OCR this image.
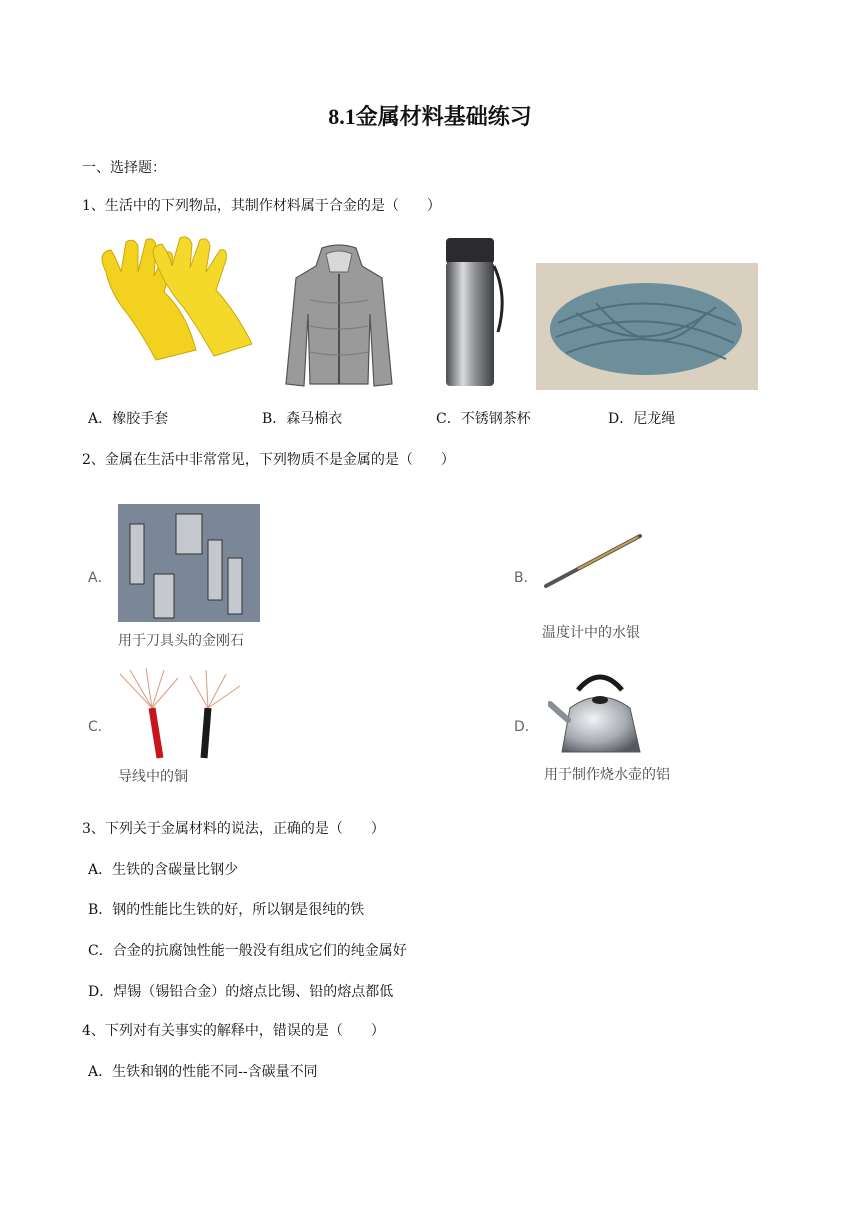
8.1金属材料基础练习
一、选择题：
1、生活中的下列物品，其制作材料属于合金的是（　　）
A．橡胶手套	B．森马棉衣	C．不锈钢茶杯	D．尼龙绳
2、金属在生活中非常常见，下列物质不是金属的是（　　）
A．
用于刀具头的金刚石
B．
温度计中的水银
C．
导线中的铜
D．
用于制作烧水壶的铝
3、下列关于金属材料的说法，正确的是（　　）
A．生铁的含碳量比钢少
B．钢的性能比生铁的好，所以钢是很纯的铁
C．合金的抗腐蚀性能一般没有组成它们的纯金属好
D．焊锡（锡铅合金）的熔点比锡、铅的熔点都低
4、下列对有关事实的解释中，错误的是（　　）
A．生铁和钢的性能不同--含碳量不同
